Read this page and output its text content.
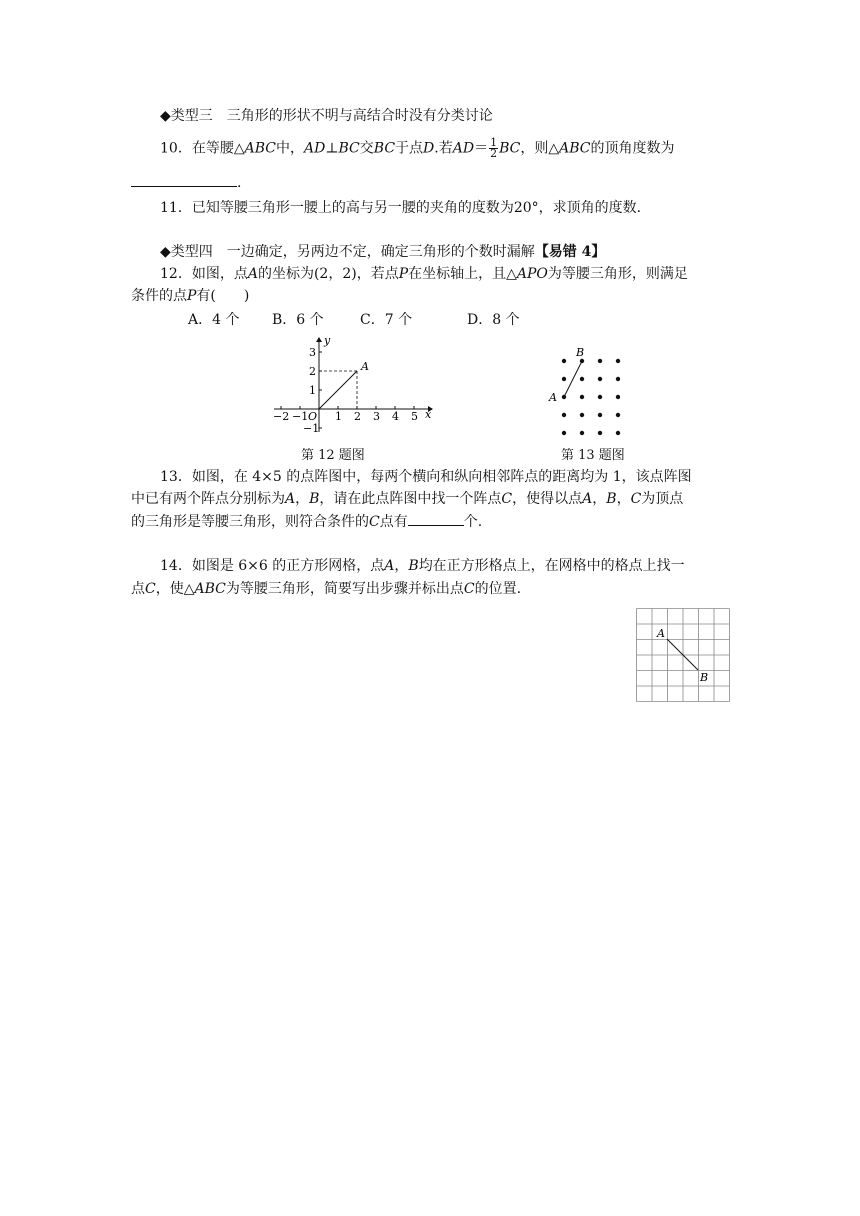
◆类型三　三角形的形状不明与高结合时没有分类讨论
10．在等腰△ABC中，AD⊥BC交BC于点D.若$AD= \frac{1}{2}$ BC，则△ABC的顶角度数为
.
11．已知等腰三角形一腰上的高与另一腰的夹角的度数为20°，求顶角的度数.
◆类型四　一边确定，另两边不定，确定三角形的个数时漏解【易错 4】
12．如图，点A的坐标为(2，2)，若点P在坐标轴上，且△APO为等腰三角形，则满足
条件的点P有(　　)
A．4 个 B．6 个	C．7 个	D．8 个
y
x
O
A
−2 −1 1 2 3 4 5
3
2
1
−1
第 12 题图
A
B
第 13 题图
13．如图，在 4×5 的点阵图中，每两个横向和纵向相邻阵点的距离均为 1，该点阵图
中已有两个阵点分别标为A，B，请在此点阵图中找一个阵点C，使得以点A，B，C为顶点
的三角形是等腰三角形，则符合条件的C点有	个.
14．如图是 6×6 的正方形网格，点A，B均在正方形格点上，在网格中的格点上找一
点C，使△ABC为等腰三角形，简要写出步骤并标出点C的位置.
A
B
